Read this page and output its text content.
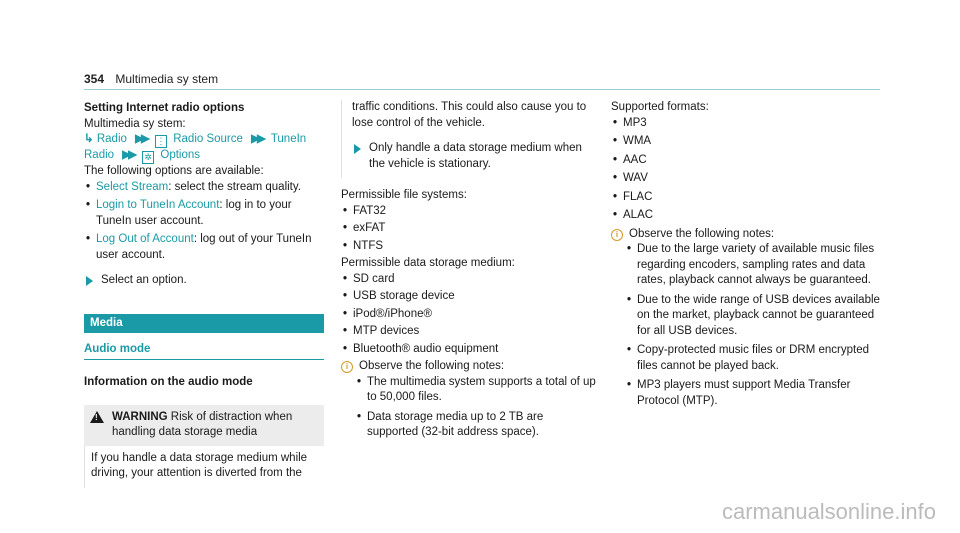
354 Multimedia sy stem
Setting Internet radio options
Multimedia sy stem:
↳ Radio ▶▶ ⋮ Radio Source ▶▶ TuneIn
Radio ▶▶ ✲ Options
The following options are available:
• Select Stream: select the stream quality.
• Login to TuneIn Account: log in to your TuneIn user account.
• Log Out of Account: log out of your TuneIn user account.
Select an option.
Media
Audio mode
Information on the audio mode
!
WARNING Risk of distraction when handling data storage media
If you handle a data storage medium while driving, your attention is diverted from the
traffic conditions. This could also cause you to lose control of the vehicle.
Only handle a data storage medium when the vehicle is stationary.
Permissible file systems:
• FAT32
• exFAT
• NTFS
Permissible data storage medium:
• SD card
• USB storage device
• iPod®/iPhone®
• MTP devices
• Bluetooth® audio equipment
i Observe the following notes:
• The multimedia system supports a total of up to 50,000 files.
• Data storage media up to 2 TB are supported (32-bit address space).
Supported formats:
• MP3
• WMA
• AAC
• WAV
• FLAC
• ALAC
i Observe the following notes:
• Due to the large variety of available music files regarding encoders, sampling rates and data rates, playback cannot always be guaranteed.
• Due to the wide range of USB devices available on the market, playback cannot be guaranteed for all USB devices.
• Copy-protected music files or DRM encrypted files cannot be played back.
• MP3 players must support Media Transfer Protocol (MTP).
carmanualsonline.info
